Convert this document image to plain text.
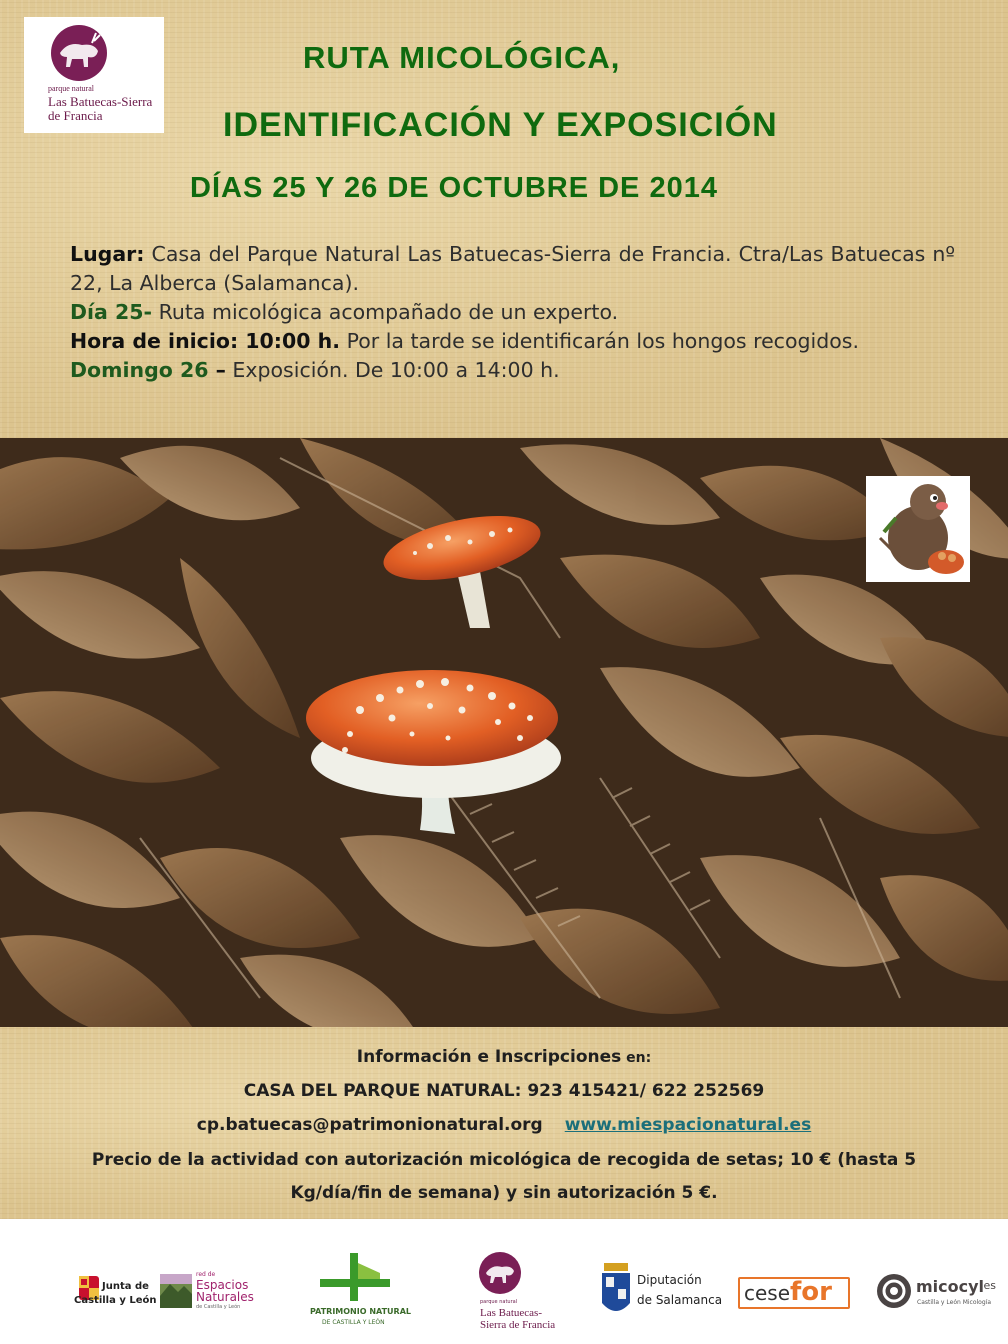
parque natural
Las Batuecas-Sierra de Francia
RUTA MICOLÓGICA,
IDENTIFICACIÓN Y EXPOSICIÓN
DÍAS 25 Y 26 DE OCTUBRE DE 2014

Lugar: Casa del Parque Natural Las Batuecas-Sierra de Francia. Ctra/Las Batuecas nº 22, La Alberca (Salamanca).

Día 25- Ruta micológica acompañado de un experto.

Hora de inicio: 10:00 h. Por la tarde se identificarán los hongos recogidos.

Domingo 26 – Exposición. De 10:00 a 14:00 h.

Información e Inscripciones en:
CASA DEL PARQUE NATURAL: 923 415421/ 622 252569
cp.batuecas@patrimonionatural.org www.miespacionatural.es
Precio de la actividad con autorización micológica de recogida de setas; 10 € (hasta 5
Kg/día/fin de semana) y sin autorización 5 €.
Junta de
Castilla y León
red de
Espacios
Naturales
de Castilla y León	PATRIMONIO NATURAL
DE CASTILLA Y LEÓN
parque natural
Las Batuecas-
Sierra de Francia
Diputación
de Salamanca cese for	micocyl
.es
Castilla y León Micología
